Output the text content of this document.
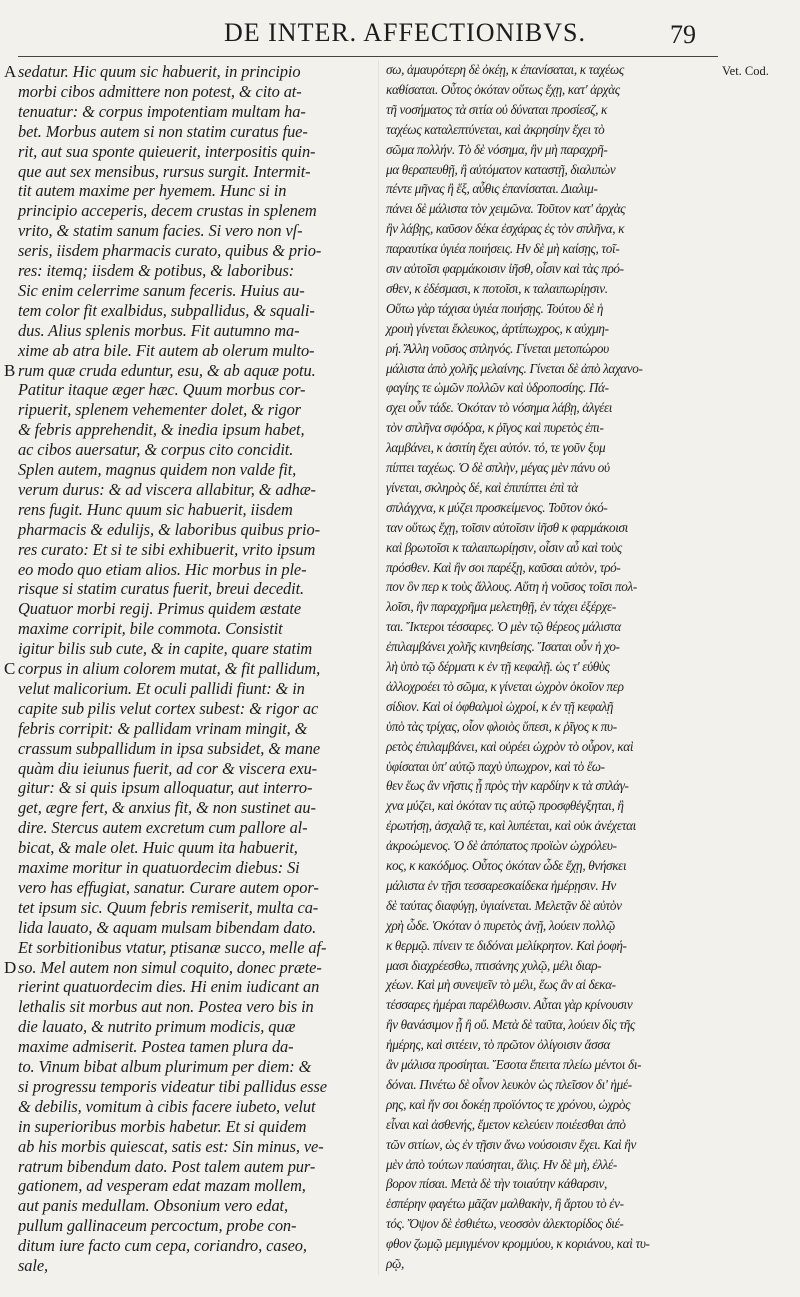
DE INTER. AFFECTIONIBVS.	79
Vet. Cod.
A sedatur. Hic quum sic habuerit, in principio
morbi cibos admittere non potest, & cito at-
tenuatur: & corpus impotentiam multam ha-
bet. Morbus autem si non statim curatus fue-
rit, aut sua sponte quieuerit, interpositis quin-
que aut sex mensibus, rursus surgit. Intermit-
tit autem maxime per hyemem. Hunc si in
principio acceperis, decem crustas in splenem
vrito, & statim sanum facies. Si vero non vſ-
seris, iisdem pharmacis curato, quibus & prio-
res: itemq; iisdem & potibus, & laboribus:
Sic enim celerrime sanum feceris. Huius au-
tem color fit exalbidus, subpallidus, & squali-
dus. Alius splenis morbus. Fit autumno ma-
xime ab atra bile. Fit autem ab olerum multo-
B rum quæ cruda eduntur, esu, & ab aquæ potu.
Patitur itaque æger hæc. Quum morbus cor-
ripuerit, splenem vehementer dolet, & rigor
& febris apprehendit, & inedia ipsum habet,
ac cibos auersatur, & corpus cito concidit.
Splen autem, magnus quidem non valde fit,
verum durus: & ad viscera allabitur, & adhæ-
rens fugit. Hunc quum sic habuerit, iisdem
pharmacis & edulijs, & laboribus quibus prio-
res curato: Et si te sibi exhibuerit, vrito ipsum
eo modo quo etiam alios. Hic morbus in ple-
risque si statim curatus fuerit, breui decedit.
Quatuor morbi regij. Primus quidem æstate
maxime corripit, bile commota. Consistit
igitur bilis sub cute, & in capite, quare statim
C corpus in alium colorem mutat, & fit pallidum,
velut malicorium. Et oculi pallidi fiunt: & in
capite sub pilis velut cortex subest: & rigor ac
febris corripit: & pallidam vrinam mingit, &
crassum subpallidum in ipsa subsidet, & mane
quàm diu ieiunus fuerit, ad cor & viscera exu-
gitur: & si quis ipsum alloquatur, aut interro-
get, ægre fert, & anxius fit, & non sustinet au-
dire. Stercus autem excretum cum pallore al-
bicat, & male olet. Huic quum ita habuerit,
maxime moritur in quatuordecim diebus: Si
vero has effugiat, sanatur. Curare autem opor-
tet ipsum sic. Quum febris remiserit, multa ca-
lida lauato, & aquam mulsam bibendam dato.
Et sorbitionibus vtatur, ptisanæ succo, melle af-
D so. Mel autem non simul coquito, donec præte-
rierint quatuordecim dies. Hi enim iudicant an
lethalis sit morbus aut non. Postea vero bis in
die lauato, & nutrito primum modicis, quæ
maxime admiserit. Postea tamen plura da-
to. Vinum bibat album plurimum per diem: &
si progressu temporis videatur tibi pallidus esse
& debilis, vomitum à cibis facere iubeto, velut
in superioribus morbis habetur. Et si quidem
ab his morbis quiescat, satis est: Sin minus, ve-
ratrum bibendum dato. Post talem autem pur-
gationem, ad vesperam edat mazam mollem,
aut panis medullam. Obsonium vero edat,
pullum gallinaceum percoctum, probe con-
ditum iure facto cum cepa, coriandro, caseo,
sale,
σω, ἁμαυρότερη δὲ ὀκέῃ, κ ἐπανίσαται, κ ταχέως
καθίσαται. Οὗτος ὁκόταν οὕτως ἔχῃ, κατ' ἀρχὰς
τῆ νοσήματος τὰ σιτία οὐ δύναται προσίεσζ, κ
ταχέως καταλεπτύνεται, καὶ ἀκρησίην ἔχει τὸ
σῶμα πολλήν. Τὸ δὲ νόσημα, ἢν μὴ παραχρῆ-
μα θεραπευθῇ, ἢ αὐτόματον καταστῇ, διαλιπὼν
πέντε μῆνας ἢ ἕξ, αὖθις ἐπανίσαται. Διαλιμ-
πάνει δὲ μάλιστα τὸν χειμῶνα. Τοῦτον κατ' ἀρχὰς
ἢν λάβῃς, καῦσον δέκα ἐσχάρας ἐς τὸν σπλῆνα, κ
παραυτίκα ὑγιέα ποιήσεις. Ην δὲ μὴ καίσῃς, τοῖ-
σιν αὐτοῖσι φαρμάκοισιν ἰῆσθ, οἷσιν καὶ τὰς πρό-
σθεν, κ ἐδέσμασι, κ ποτοῖσι, κ ταλαιπωρίῃσιν.
Οὕτω γὰρ τάχισα ὑγιέα ποιήσῃς. Τούτου δὲ ἡ
χροιὴ γίνεται ἔκλευκος, ἀρτίπωχρος, κ αὐχμη-
ρή. Ἄλλη νοῦσος σπληνός. Γίνεται μετοπώρου
μάλιστα ἀπὸ χολῆς μελαίνης. Γίνεται δὲ ἀπὸ λαχανο-
φαγίης τε ὠμῶν πολλῶν καὶ ὑδροποσίης. Πά-
σχει οὖν τάδε. Ὁκόταν τὸ νόσημα λάβῃ, ἀλγέει
τὸν σπλῆνα σφόδρα, κ ῥῖγος καὶ πυρετὸς ἐπι-
λαμβάνει, κ ἀσιτίη ἔχει αὐτόν. τό, τε γοῦν ξυμ
πίπτει ταχέως. Ὁ δὲ σπλὴν, μέγας μὲν πάνυ οὐ
γίνεται, σκληρὸς δέ, καὶ ἐπιπίπτει ἐπὶ τὰ
σπλάγχνα, κ μύζει προσκείμενος. Τοῦτον ὁκό-
ταν οὕτως ἔχῃ, τοῖσιν αὐτοῖσιν ἰῆσθ κ φαρμάκοισι
καὶ βρωτοῖσι κ ταλαιπωρίῃσιν, οἷσιν αὖ καὶ τοὺς
πρόσθεν. Καὶ ἢν σοι παρέξῃ, καῦσαι αὐτὸν, τρό-
πον ὃν περ κ τοὺς ἄλλους. Αὕτη ἡ νοῦσος τοῖσι πολ-
λοῖσι, ἢν παραχρῆμα μελετηθῇ, ἐν τάχει ἐξέρχε-
ται. Ἴκτεροι τέσσαρες. Ὁ μὲν τῷ θέρεος μάλιστα
ἐπιλαμβάνει χολῆς κινηθείσης. Ἵσαται οὖν ἡ χο-
λὴ ὑπὸ τῷ δέρματι κ ἐν τῇ κεφαλῇ. ὡς τ' εὐθὺς
ἀλλοχροέει τὸ σῶμα, κ γίνεται ὠχρὸν ὁκοῖον περ
σίδιον. Καὶ οἱ ὀφθαλμοὶ ὠχροί, κ ἐν τῇ κεφαλῇ
ὑπὸ τὰς τρίχας, οἷον φλοιὸς ὕπεσι, κ ῥῖγος κ πυ-
ρετὸς ἐπιλαμβάνει, καὶ οὐρέει ὠχρὸν τὸ οὖρον, καὶ
ὑφίσαται ὑπ' αὐτῷ παχὺ ὑπωχρον, καὶ τὸ ἕω-
θεν ἕως ἂν νῆστις ᾖ πρὸς τὴν καρδίην κ τὰ σπλάγ-
χνα μύζει, καὶ ὁκόταν τις αὐτῷ προσφθέγξηται, ἢ
ἐρωτήσῃ, ἀσχαλᾷ τε, καὶ λυπέεται, καὶ οὐκ ἀνέχεται
ἀκροώμενος. Ὁ δὲ ἀπόπατος προϊὼν ὠχρόλευ-
κος, κ κακόδμος. Οὗτος ὁκόταν ὧδε ἔχῃ, θνήσκει
μάλιστα ἐν τῇσι τεσσαρεσκαίδεκα ἡμέρῃσιν. Ην
δὲ ταύτας διαφύγῃ, ὑγιαίνεται. Μελετᾷν δὲ αὐτὸν
χρὴ ὧδε. Ὁκόταν ὁ πυρετὸς ἀνῇ, λούειν πολλῷ
κ θερμῷ. πίνειν τε διδόναι μελίκρητον. Καὶ ῥοφή-
μασι διαχρέεσθω, πτισάνης χυλῷ, μέλι διαρ-
χέων. Καὶ μὴ συνεψεῖν τὸ μέλι, ἕως ἂν αἱ δεκα-
τέσσαρες ἡμέραι παρέλθωσιν. Αὗται γὰρ κρίνουσιν
ἢν θανάσιμον ᾖ ἢ οὔ. Μετὰ δὲ ταῦτα, λούειν δὶς τῆς
ἡμέρης, καὶ σιτέειν, τὸ πρῶτον ὀλίγοισιν ἅσσα
ἂν μάλισα προσίηται. Ἔσοτα ἔπειτα πλείω μέντοι δι-
δόναι. Πινέτω δὲ οἶνον λευκὸν ὡς πλεῖσον δι' ἡμέ-
ρης, καὶ ἤν σοι δοκέῃ προϊόντος τε χρόνου, ὠχρὸς
εἶναι καὶ ἀσθενής, ἔμετον κελεύειν ποιέεσθαι ἀπὸ
τῶν σιτίων, ὡς ἐν τῇσιν ἄνω νούσοισιν ἔχει. Καὶ ἢν
μὲν ἀπὸ τούτων παύσηται, ἅλις. Ην δὲ μὴ, ἐλλέ-
βορον πίσαι. Μετὰ δὲ τὴν τοιαύτην κάθαρσιν,
ἑσπέρην φαγέτω μᾶζαν μαλθακὴν, ἢ ἄρτου τὸ ἐν-
τός. Ὄψον δὲ ἐσθιέτω, νεοσσὸν ἀλεκτορίδος διέ-
φθον ζωμῷ μεμιγμένον κρομμύου, κ κοριάνου, καὶ τυ-
ρῷ,
